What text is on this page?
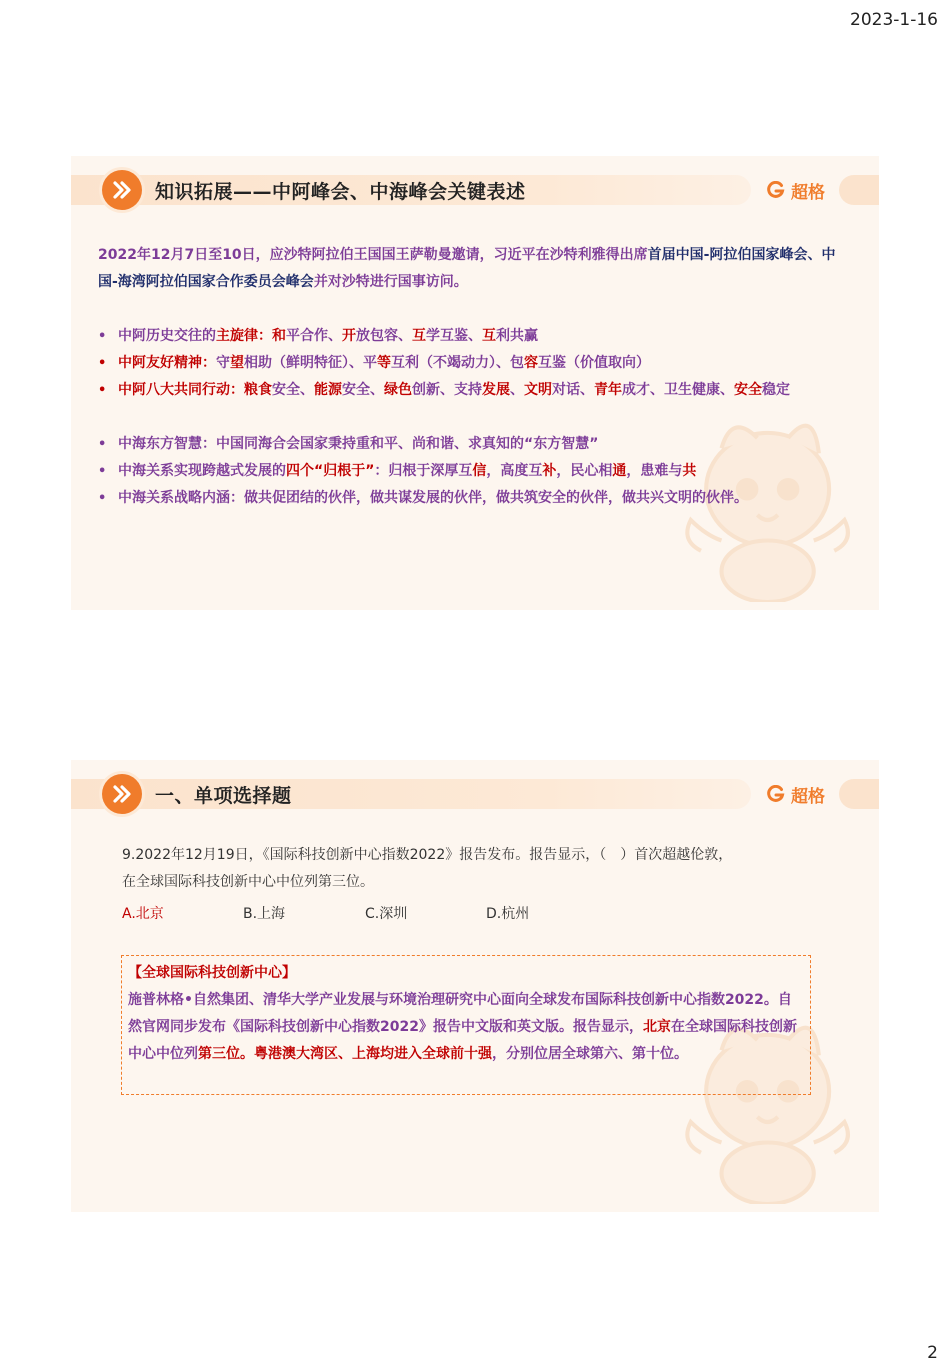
2023-1-16
知识拓展——中阿峰会、中海峰会关键表述	超格
2022年12月7日至10日，应沙特阿拉伯王国国王萨勒曼邀请，习近平在沙特利雅得出席首届中国-阿拉伯国家峰会、中国-海湾阿拉伯国家合作委员会峰会并对沙特进行国事访问。
• 中阿历史交往的主旋律：和平合作、开放包容、互学互鉴、互利共赢
• 中阿友好精神：守望相助（鲜明特征）、平等互利（不竭动力）、包容互鉴（价值取向）
• 中阿八大共同行动：粮食安全、能源安全、绿色创新、支持发展、文明对话、青年成才、卫生健康、安全稳定
• 中海东方智慧：中国同海合会国家秉持重和平、尚和谐、求真知的“东方智慧”
• 中海关系实现跨越式发展的四个“归根于”：归根于深厚互信，高度互补，民心相通，患难与共
• 中海关系战略内涵：做共促团结的伙伴，做共谋发展的伙伴，做共筑安全的伙伴，做共兴文明的伙伴。
一、单项选择题	超格
9.2022年12月19日，《国际科技创新中心指数2022》报告发布。报告显示，（　）首次超越伦敦，
在全球国际科技创新中心中位列第三位。
A.北京	B.上海	C.深圳	D.杭州
【全球国际科技创新中心】
施普林格•自然集团、清华大学产业发展与环境治理研究中心面向全球发布国际科技创新中心指数2022。自然官网同步发布《国际科技创新中心指数2022》报告中文版和英文版。报告显示，北京在全球国际科技创新中心中位列第三位。粤港澳大湾区、上海均进入全球前十强，分别位居全球第六、第十位。
2
